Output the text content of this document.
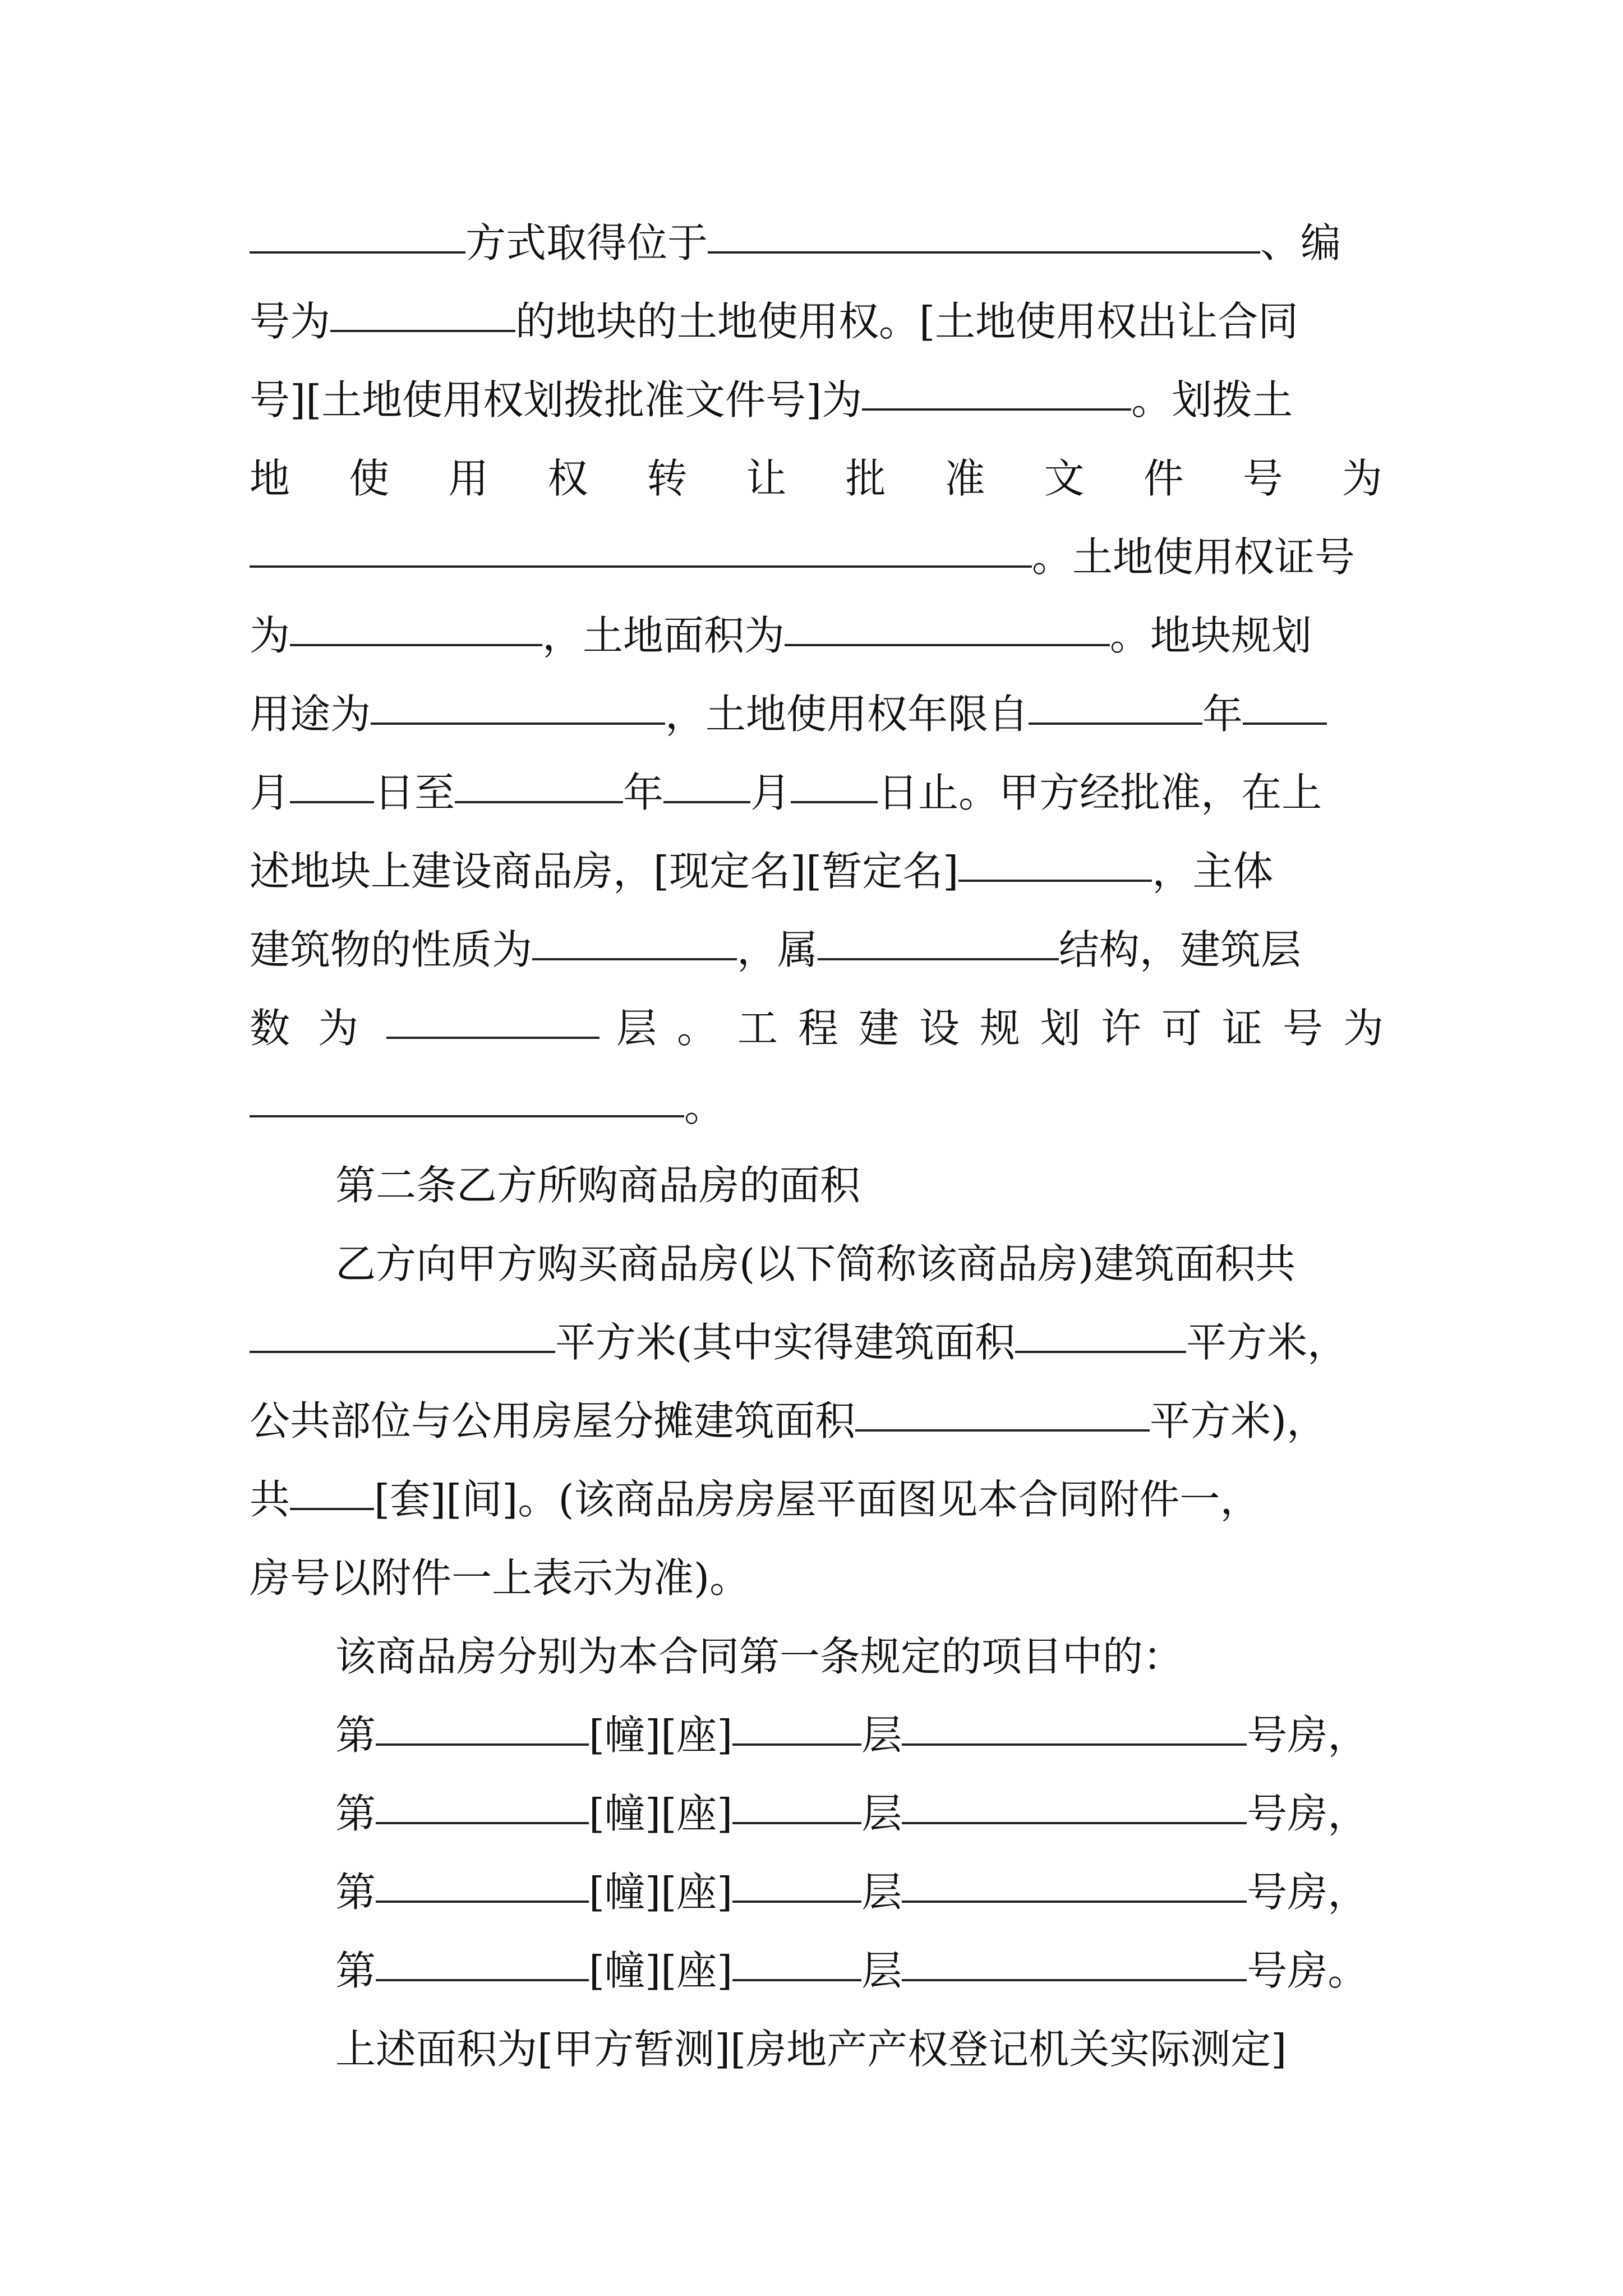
方式取得位于	、编
号为	的地块的土地使用权。[土地使用权出让合同
号][土地使用权划拨批准文件号]为	。划拨土
地 使 用 权 转 让 批 准 文 件 号 为
。土地使用权证号
为	，土地面积为	。地块规划
用途为	，土地使用权年限自	年
月 日至	年 月 日止。甲方经批准，在上
述地块上建设商品房，[现定名][暂定名]	，主体
建筑物的性质为	，属	结构，建筑层
数为	层。工程建设规划许可证号为
。
第二条乙方所购商品房的面积
乙方向甲方购买商品房(以下简称该商品房)建筑面积共
平方米(其中实得建筑面积	平方米，
公共部位与公用房屋分摊建筑面积	平方米)，
共 [套][间]。(该商品房房屋平面图见本合同附件一，
房号以附件一上表示为准)。
该商品房分别为本合同第一条规定的项目中的：
第	[幢][座]	层	号房，
第	[幢][座]	层	号房，
第	[幢][座]	层	号房，
第	[幢][座]	层	号房。
上述面积为[甲方暂测][房地产产权登记机关实际测定]
